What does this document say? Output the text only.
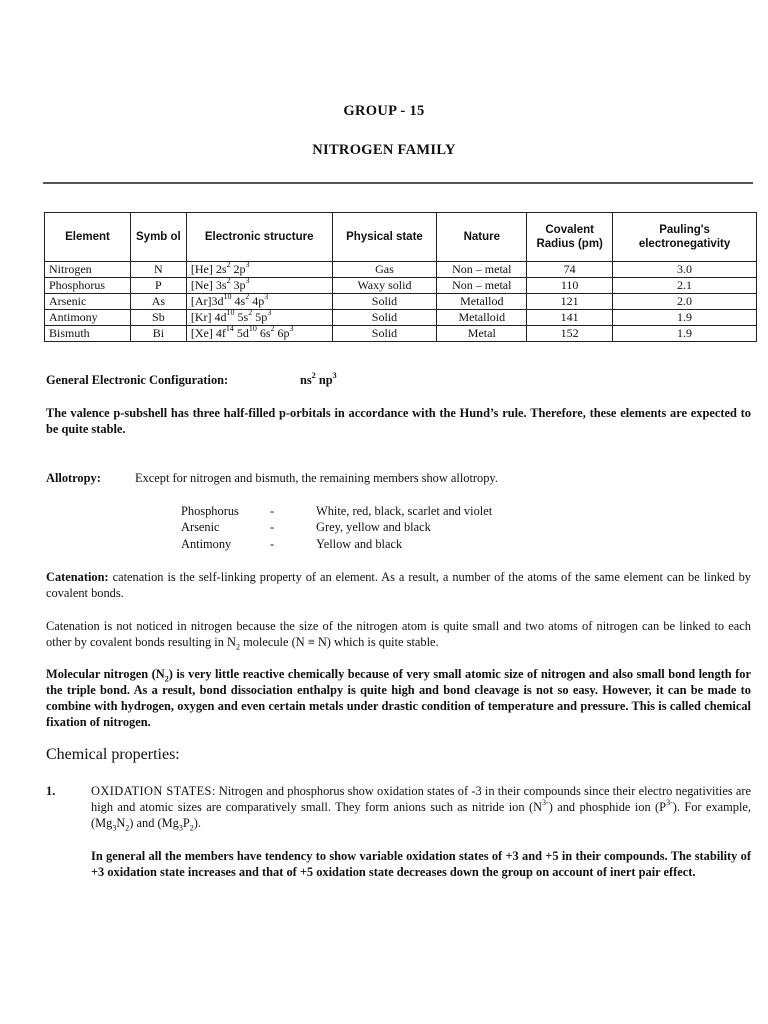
GROUP - 15
NITROGEN FAMILY
Element	Symb ol	Electronic structure	Physical state	Nature	Covalent Radius (pm)	Pauling's electronegativity
Nitrogen	N	[He] $2s^2$ $2p^3$	Gas	Non – metal	74	3.0
Phosphorus	P	[Ne] $3s^2$ $3p^3$	Waxy solid	Non – metal	110	2.1
Arsenic	As	$[Ar]3d^{10}$ $4s^2$ $4p^3$	Solid	Metallod	121	2.0
Antimony	Sb	[Kr] $4d^{10}$ $5s^2$ $5p^3$	Solid	Metalloid	141	1.9
Bismuth	Bi	[Xe] $4f^{14}$ $5d^{10}$ $6s^2$ $6p^3$	Solid	Metal	152	1.9
General Electronic Configuration:	$ns^2$ $np^3$
The valence p-subshell has three half-filled p-orbitals in accordance with the Hund’s rule. Therefore, these elements are expected to be quite stable.
Allotropy:	Except for nitrogen and bismuth, the remaining members show allotropy.
Phosphorus	-	White, red, black, scarlet and violet
Arsenic	-	Grey, yellow and black
Antimony	-	Yellow and black
Catenation: catenation is the self-linking property of an element. As a result, a number of the atoms of the same element can be linked by covalent bonds.
Catenation is not noticed in nitrogen because the size of the nitrogen atom is quite small and two atoms of nitrogen can be linked to each other by covalent bonds resulting in $N_2$ molecule (N ≡ N) which is quite stable.
Molecular nitrogen $(N_2)$ is very little reactive chemically because of very small atomic size of nitrogen and also small bond length for the triple bond. As a result, bond dissociation enthalpy is quite high and bond cleavage is not so easy. However, it can be made to combine with hydrogen, oxygen and even certain metals under drastic condition of temperature and pressure. This is called chemical fixation of nitrogen.
Chemical properties:
1.	OXIDATION STATES: Nitrogen and phosphorus show oxidation states of -3 in their compounds since their electro negativities are high and atomic sizes are comparatively small. They form anions such as nitride ion $(N^{3-})$ and phosphide ion $(P^{3-})$. For example, $(Mg_3N_2)$ and $(Mg_3P_2)$.
In general all the members have tendency to show variable oxidation states of +3 and +5 in their compounds. The stability of +3 oxidation state increases and that of +5 oxidation state decreases down the group on account of inert pair effect.
